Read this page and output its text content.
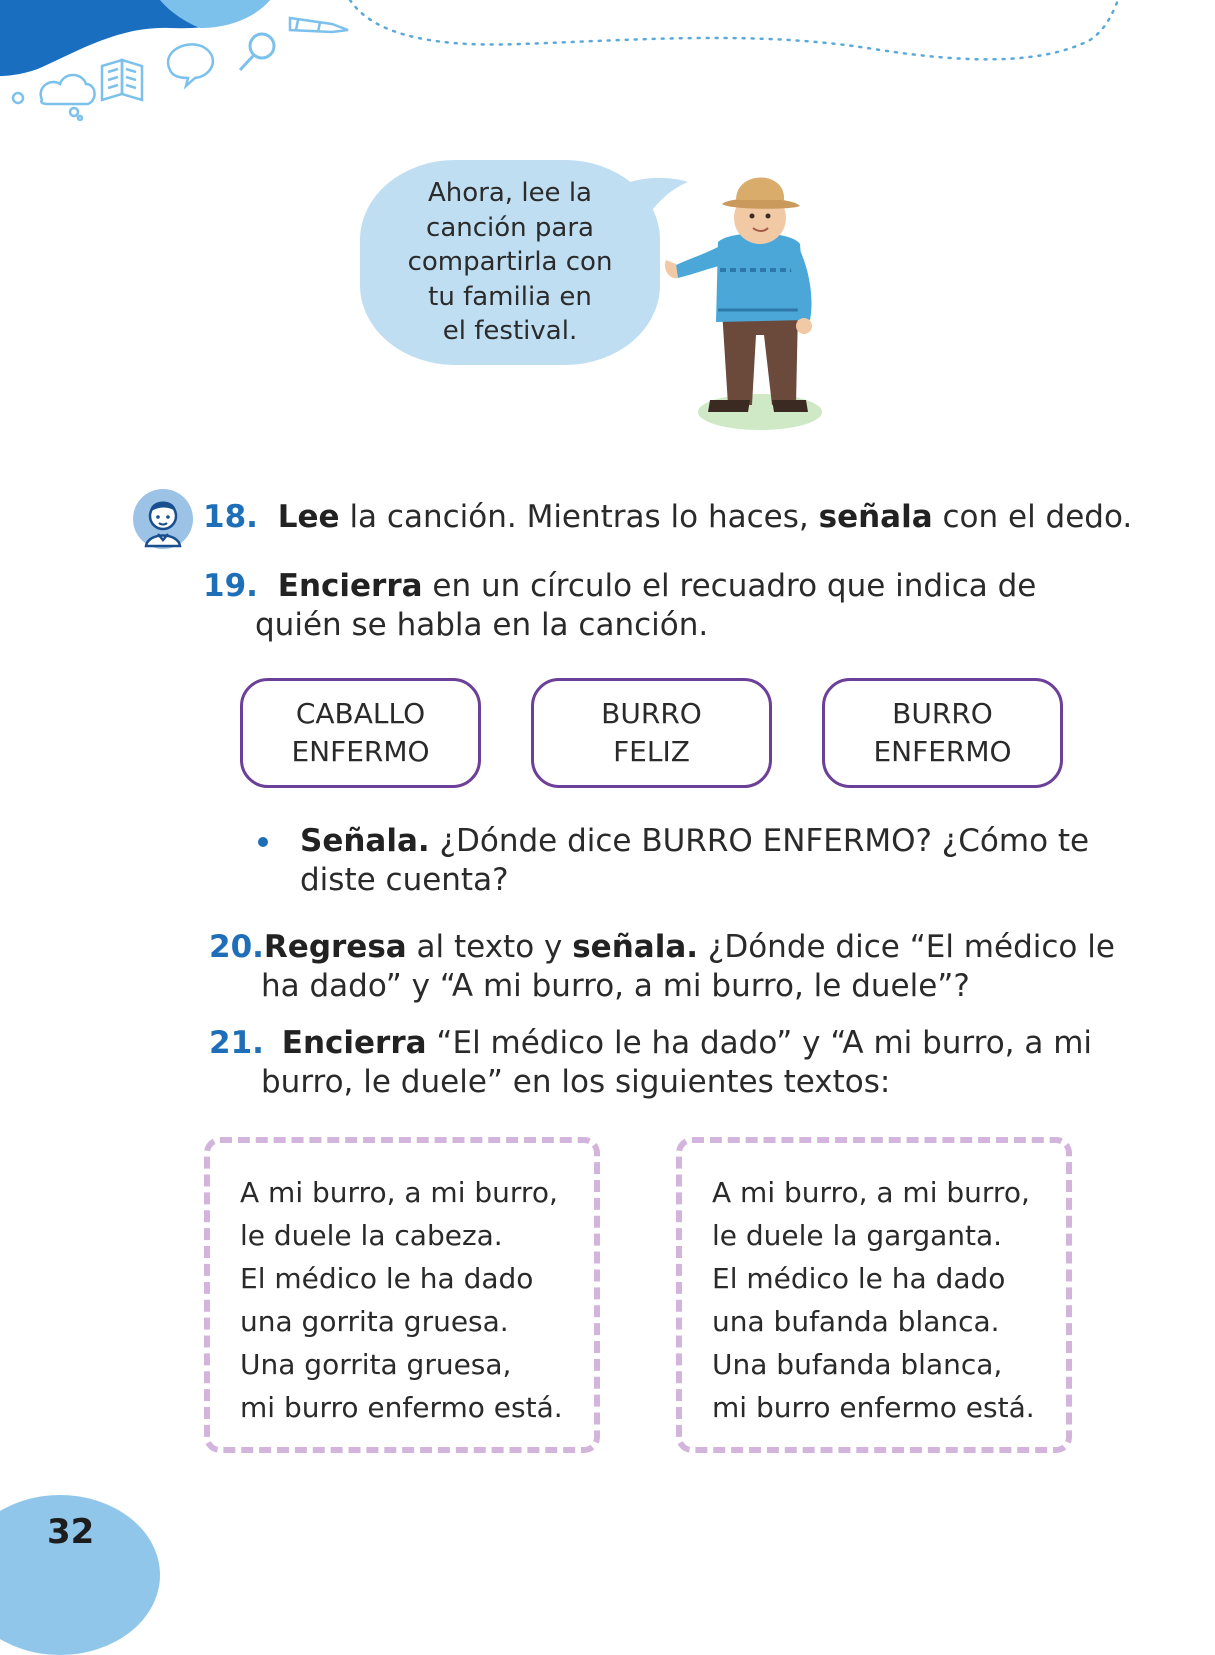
Ahora, lee la
canción para
compartirla con
tu familia en
el festival.
18. Lee la canción. Mientras lo haces, señala con el dedo.
19. Encierra en un círculo el recuadro que indica de
quién se habla en la canción.
CABALLO
ENFERMO
BURRO
FELIZ
BURRO
ENFERMO
Señala. ¿Dónde dice BURRO ENFERMO? ¿Cómo te
diste cuenta?
20.Regresa al texto y señala. ¿Dónde dice “El médico le
ha dado” y “A mi burro, a mi burro, le duele”?
21. Encierra “El médico le ha dado” y “A mi burro, a mi
burro, le duele” en los siguientes textos:
A mi burro, a mi burro,
le duele la cabeza.
El médico le ha dado
una gorrita gruesa.
Una gorrita gruesa,
mi burro enfermo está.
A mi burro, a mi burro,
le duele la garganta.
El médico le ha dado
una bufanda blanca.
Una bufanda blanca,
mi burro enfermo está.
32
